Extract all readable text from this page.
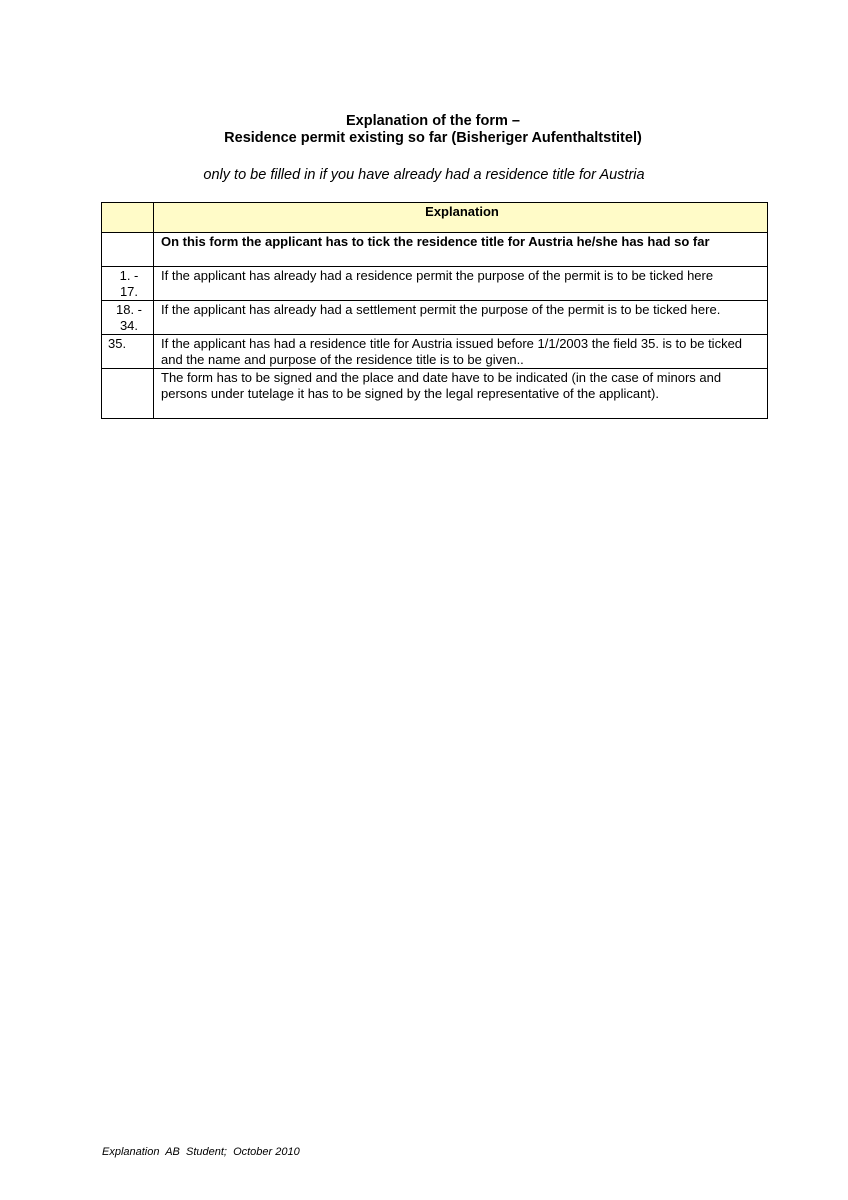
Explanation of the form –

Residence permit existing so far (Bisheriger Aufenthaltstitel)

only to be filled in if you have already had a residence title for Austria

	Explanation
	On this form the applicant has to tick the residence title for Austria he/she has had so far
1. - 17.	If the applicant has already had a residence permit the purpose of the permit is to be ticked here
18. - 34.	If the applicant has already had a settlement permit the purpose of the permit is to be ticked here.
35.	If the applicant has had a residence title for Austria issued before 1/1/2003 the field 35. is to be ticked and the name and purpose of the residence title is to be given..
	The form has to be signed and the place and date have to be indicated (in the case of minors and persons under tutelage it has to be signed by the legal representative of the applicant).
Explanation  AB  Student;  October 2010
